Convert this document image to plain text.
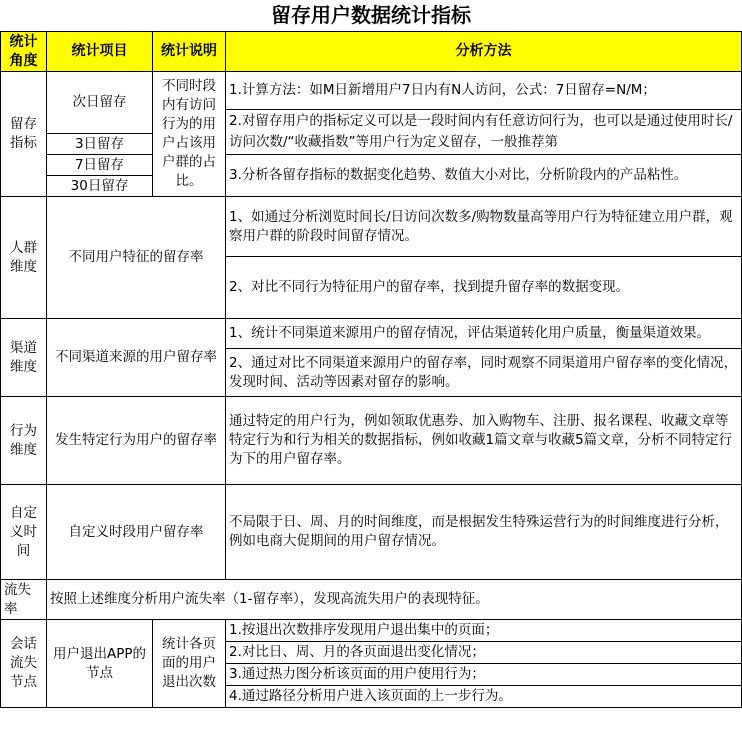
留存用户数据统计指标
统计角度	统计项目	统计说明	分析方法
留存指标	次日留存	不同时段内有访问行为的用户占该用户群的占比。	1.计算方法：如M日新增用户7日内有N人访问，公式：7日留存=N/M；
			2.对留存用户的指标定义可以是一段时间内有任意访问行为，也可以是通过使用时长/访问次数/“收藏指数”等用户行为定义留存，一般推荐第
	3日留存		
	7日留存		3.分析各留存指标的数据变化趋势、数值大小对比，分析阶段内的产品粘性。
	30日留存		
人群维度	不同用户特征的留存率		1、如通过分析浏览时间长/日访问次数多/购物数量高等用户行为特征建立用户群，观察用户群的阶段时间留存情况。
			2、对比不同行为特征用户的留存率，找到提升留存率的数据变现。
渠道维度	不同渠道来源的用户留存率		1、统计不同渠道来源用户的留存情况，评估渠道转化用户质量，衡量渠道效果。
			2、通过对比不同渠道来源用户的留存率，同时观察不同渠道用户留存率的变化情况，发现时间、活动等因素对留存的影响。
行为维度	发生特定行为用户的留存率		通过特定的用户行为，例如领取优惠券、加入购物车、注册、报名课程、收藏文章等特定行为和行为相关的数据指标，例如收藏1篇文章与收藏5篇文章，分析不同特定行为下的用户留存率。
自定义时间	自定义时段用户留存率		不局限于日、周、月的时间维度，而是根据发生特殊运营行为的时间维度进行分析，例如电商大促期间的用户留存情况。
流失率	按照上述维度分析用户流失率（1-留存率），发现高流失用户的表现特征。		
会话流失节点	用户退出APP的节点	统计各页面的用户退出次数	1.按退出次数排序发现用户退出集中的页面；
			2.对比日、周、月的各页面退出变化情况；
			3.通过热力图分析该页面的用户使用行为；
			4.通过路径分析用户进入该页面的上一步行为。
